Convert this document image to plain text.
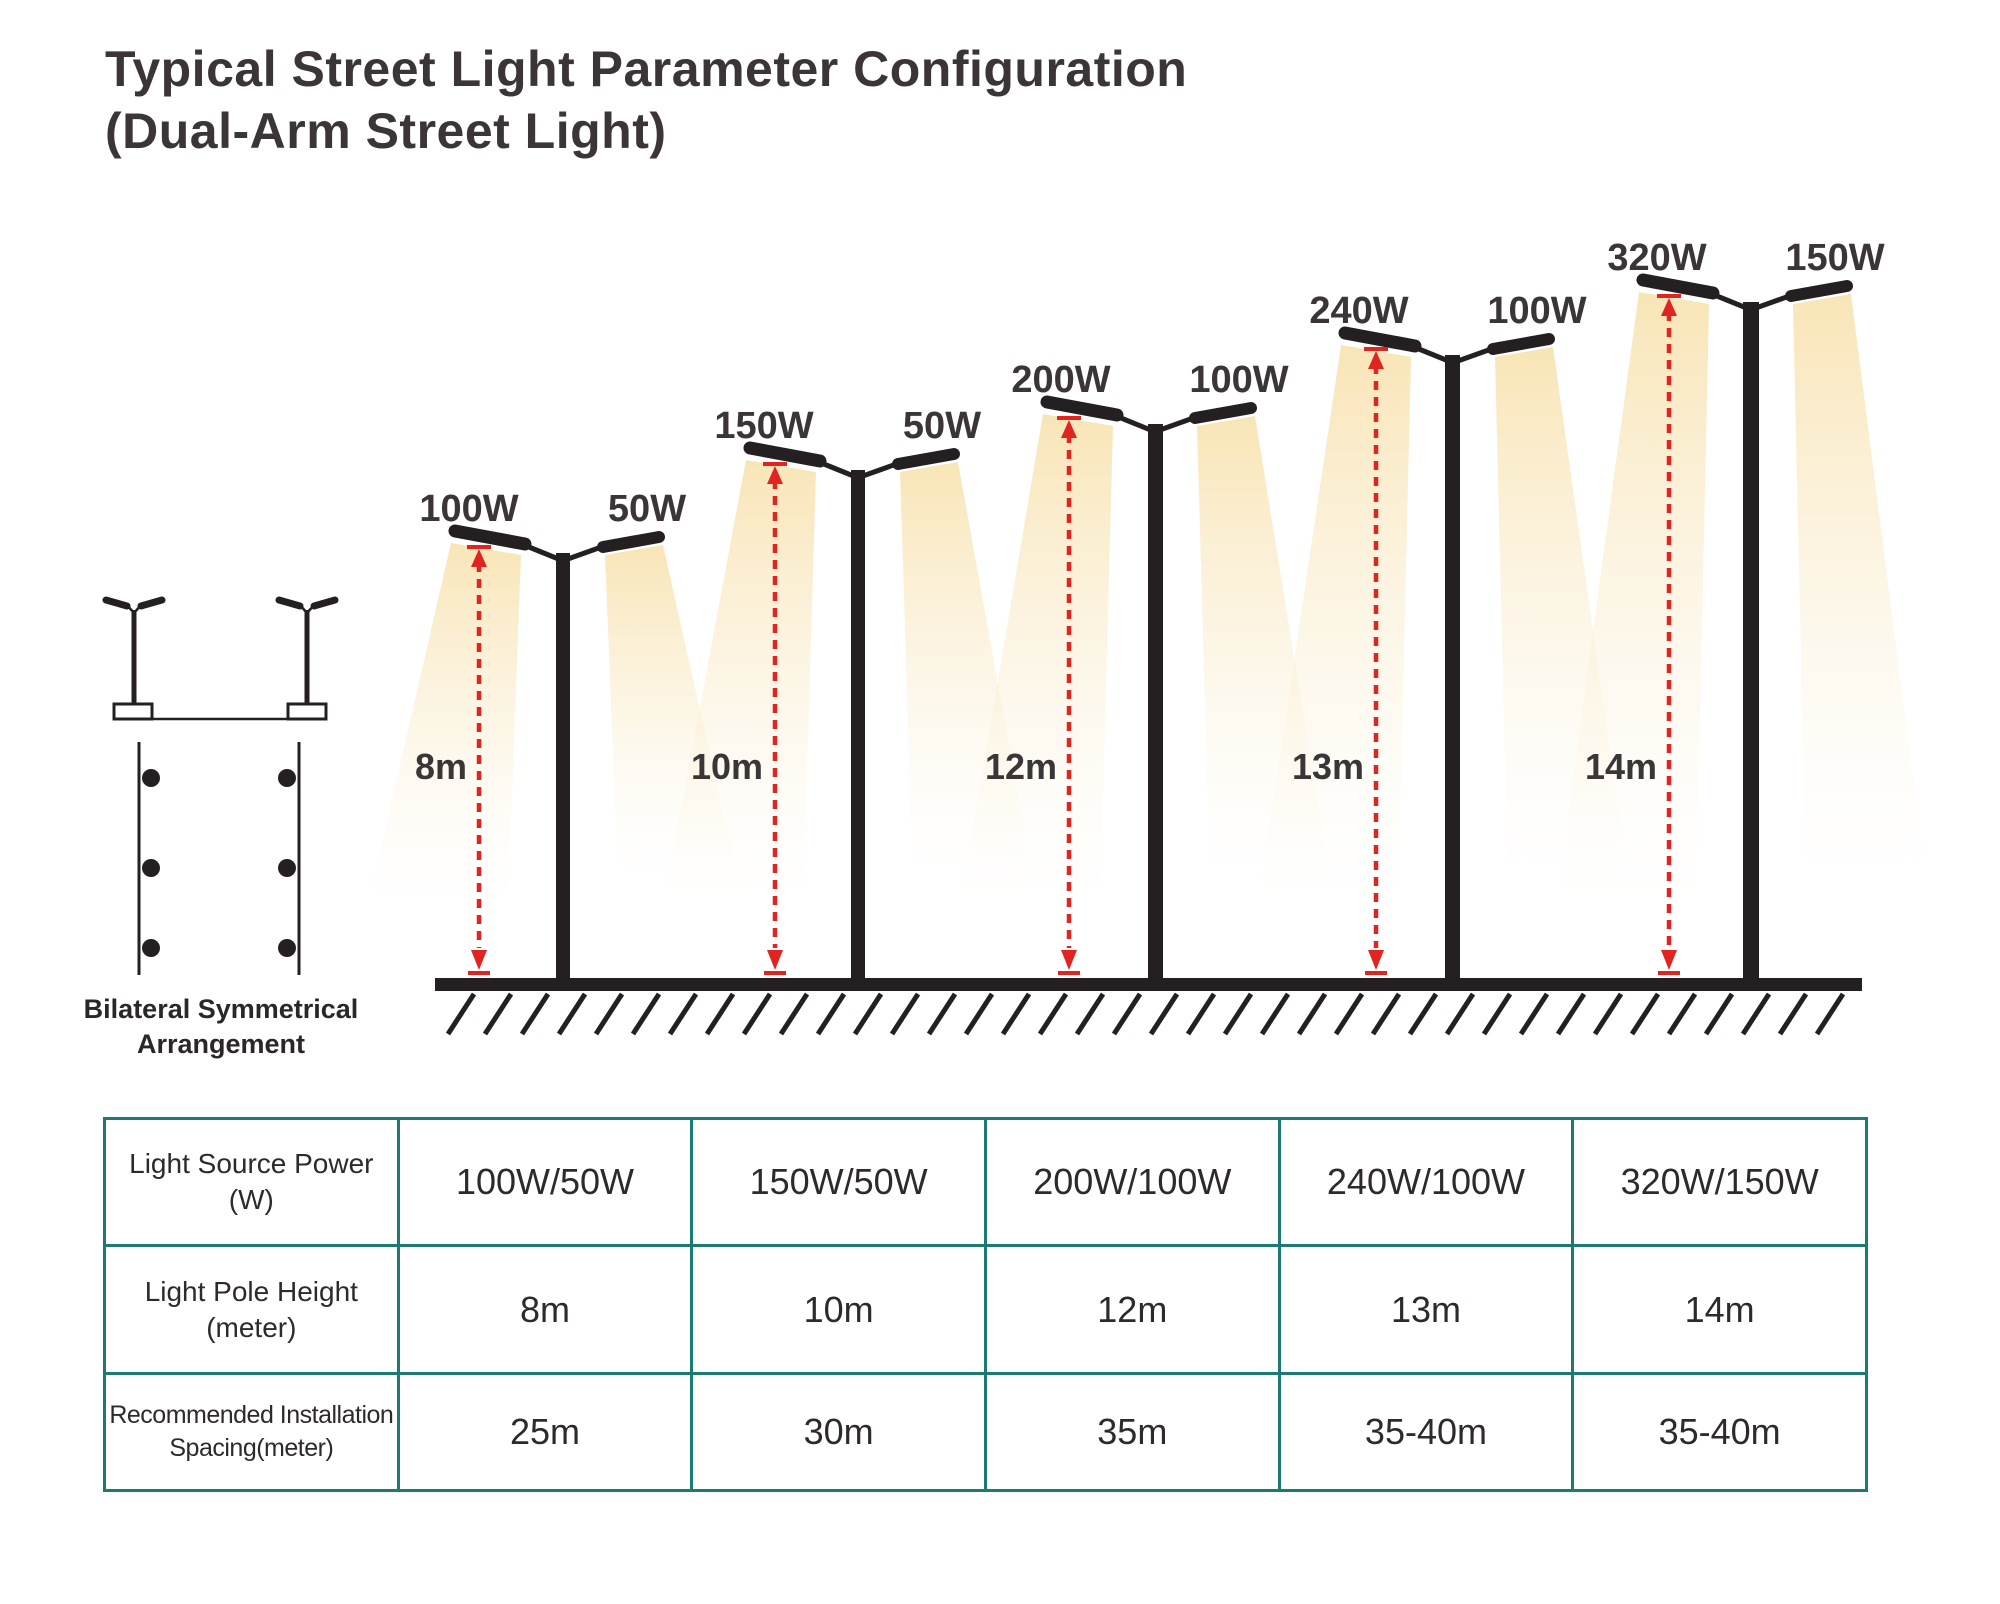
Typical Street Light Parameter Configuration
(Dual-Arm Street Light)
100W 50W
8m
150W 50W
10m
200W 100W
12m
240W 100W
13m
320W 150W
14m
Bilateral Symmetrical
Arrangement
Light Source Power
(W)	100W/50W	150W/50W	200W/100W	240W/100W	320W/150W
Light Pole Height
(meter)	8m	10m	12m	13m	14m
Recommended Installation
Spacing(meter)	25m	30m	35m	35-40m	35-40m
